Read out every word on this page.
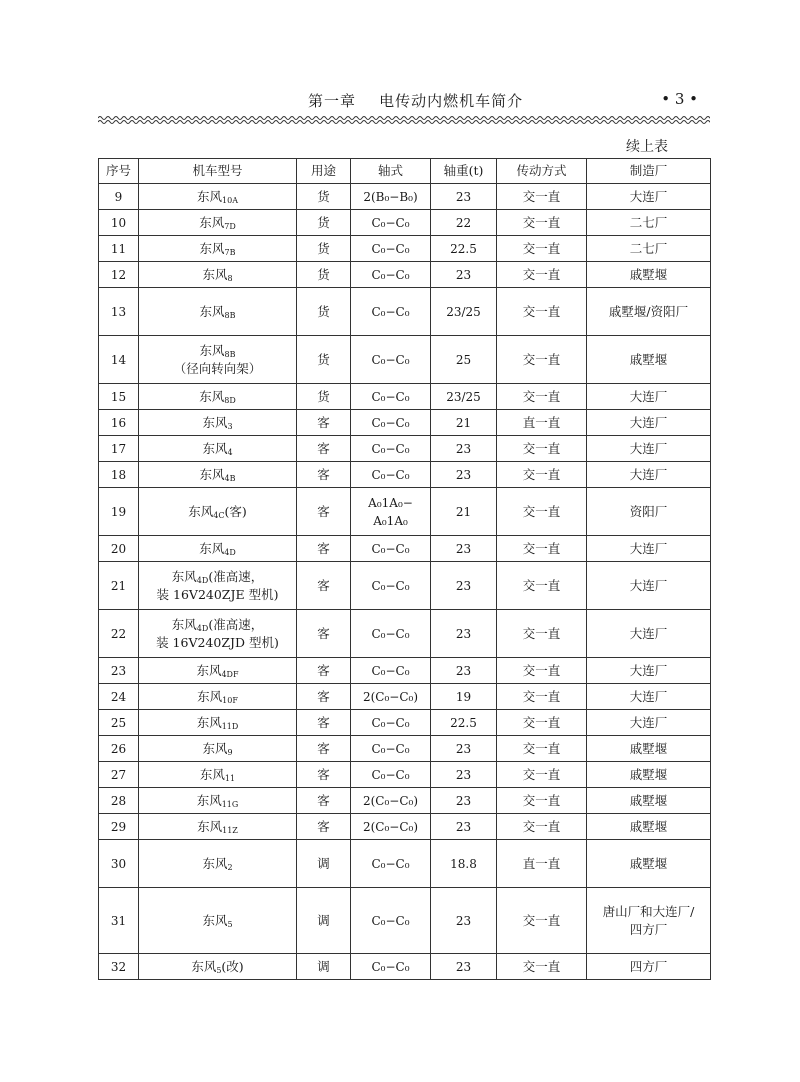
第一章    电传动内燃机车简介	• 3 •
续上表
序号	机车型号	用途	轴式	轴重(t)	传动方式	制造厂
9	东风$_{10A}$	货	2(B₀−B₀)	23	交一直	大连厂
10	东风$_{7D}$	货	C₀−C₀	22	交一直	二七厂
11	东风$_{7B}$	货	C₀−C₀	22.5	交一直	二七厂
12	东风$_8$	货	C₀−C₀	23	交一直	戚墅堰
13	东风$_{8B}$	货	C₀−C₀	23/25	交一直	戚墅堰/资阳厂
14	东风$_{8B}$
（径向转向架）	货	C₀−C₀	25	交一直	戚墅堰
15	东风$_{8D}$	货	C₀−C₀	23/25	交一直	大连厂
16	东风$_3$	客	C₀−C₀	21	直一直	大连厂
17	东风$_4$	客	C₀−C₀	23	交一直	大连厂
18	东风$_{4B}$	客	C₀−C₀	23	交一直	大连厂
19	东风$_{4C}$(客)	客	A₀1A₀−
A₀1A₀	21	交一直	资阳厂
20	东风$_{4D}$	客	C₀−C₀	23	交一直	大连厂
21	东风$_{4D}$(准高速，
装 16V240ZJE 型机)	客	C₀−C₀	23	交一直	大连厂
22	东风$_{4D}$(准高速，
装 16V240ZJD 型机)	客	C₀−C₀	23	交一直	大连厂
23	东风$_{4DF}$	客	C₀−C₀	23	交一直	大连厂
24	东风$_{10F}$	客	2(C₀−C₀)	19	交一直	大连厂
25	东风$_{11D}$	客	C₀−C₀	22.5	交一直	大连厂
26	东风$_9$	客	C₀−C₀	23	交一直	戚墅堰
27	东风$_{11}$	客	C₀−C₀	23	交一直	戚墅堰
28	东风$_{11G}$	客	2(C₀−C₀)	23	交一直	戚墅堰
29	东风$_{11Z}$	客	2(C₀−C₀)	23	交一直	戚墅堰
30	东风$_2$	调	C₀−C₀	18.8	直一直	戚墅堰
31	东风$_5$	调	C₀−C₀	23	交一直	唐山厂和大连厂/
四方厂
32	东风$_5$(改)	调	C₀−C₀	23	交一直	四方厂
